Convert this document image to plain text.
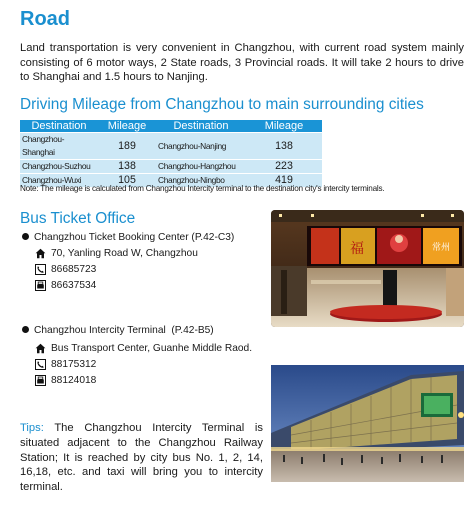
Road

Land transportation is very convenient in Changzhou, with current road system mainly consisting of 6 motor ways, 2 State roads, 3 Provincial roads. It will take 2 hours to drive to Shanghai and 1.5 hours to Nanjing.

Driving Mileage from Changzhou to main surrounding cities
Destination	Mileage	Destination	Mileage
Changzhou-Shanghai	189	Changzhou-Nanjing	138
Changzhou-Suzhou	138	Changzhou-Hangzhou	223
Changzhou-Wuxi	105	Changzhou-Ningbo	419
Note: The mileage is calculated from Changzhou Intercity terminal to the destination city's intercity terminals.
Bus Ticket Office
Changzhou Ticket Booking Center (P.42-C3)
70, Yanling Road W, Changzhou
86685723
86637534
Changzhou Intercity Terminal  (P.42-B5)
Bus Transport Center, Guanhe Middle Raod.
88175312
88124018

Tips: The Changzhou Intercity Terminal is situated adjacent to the Changzhou Railway Station; It is reached by city bus No. 1, 2, 14, 16,18, etc. and taxi will bring you to intercity terminal.

福	常州
